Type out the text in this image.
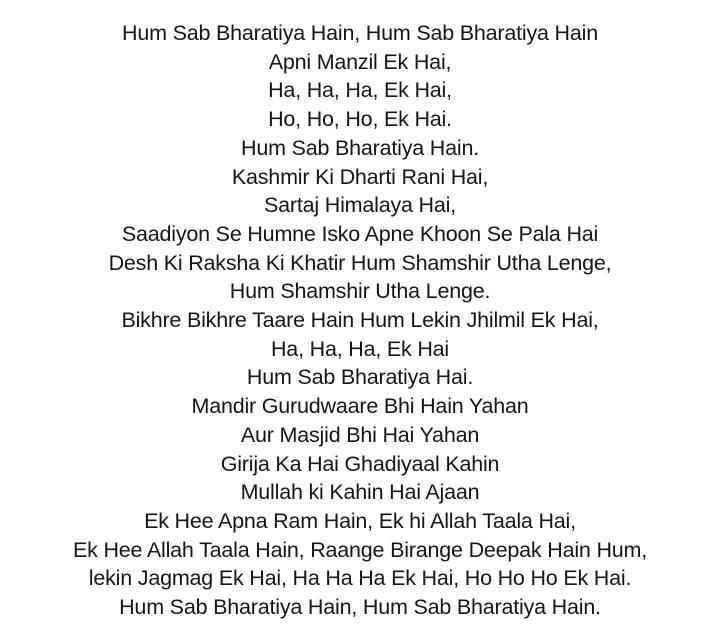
Hum Sab Bharatiya Hain, Hum Sab Bharatiya Hain
Apni Manzil Ek Hai,
Ha, Ha, Ha, Ek Hai,
Ho, Ho, Ho, Ek Hai.
Hum Sab Bharatiya Hain.
Kashmir Ki Dharti Rani Hai,
Sartaj Himalaya Hai,
Saadiyon Se Humne Isko Apne Khoon Se Pala Hai
Desh Ki Raksha Ki Khatir Hum Shamshir Utha Lenge,
Hum Shamshir Utha Lenge.
Bikhre Bikhre Taare Hain Hum Lekin Jhilmil Ek Hai,
Ha, Ha, Ha, Ek Hai
Hum Sab Bharatiya Hai.
Mandir Gurudwaare Bhi Hain Yahan
Aur Masjid Bhi Hai Yahan
Girija Ka Hai Ghadiyaal Kahin
Mullah ki Kahin Hai Ajaan
Ek Hee Apna Ram Hain, Ek hi Allah Taala Hai,
Ek Hee Allah Taala Hain, Raange Birange Deepak Hain Hum,
lekin Jagmag Ek Hai, Ha Ha Ha Ek Hai, Ho Ho Ho Ek Hai.
Hum Sab Bharatiya Hain, Hum Sab Bharatiya Hain.
